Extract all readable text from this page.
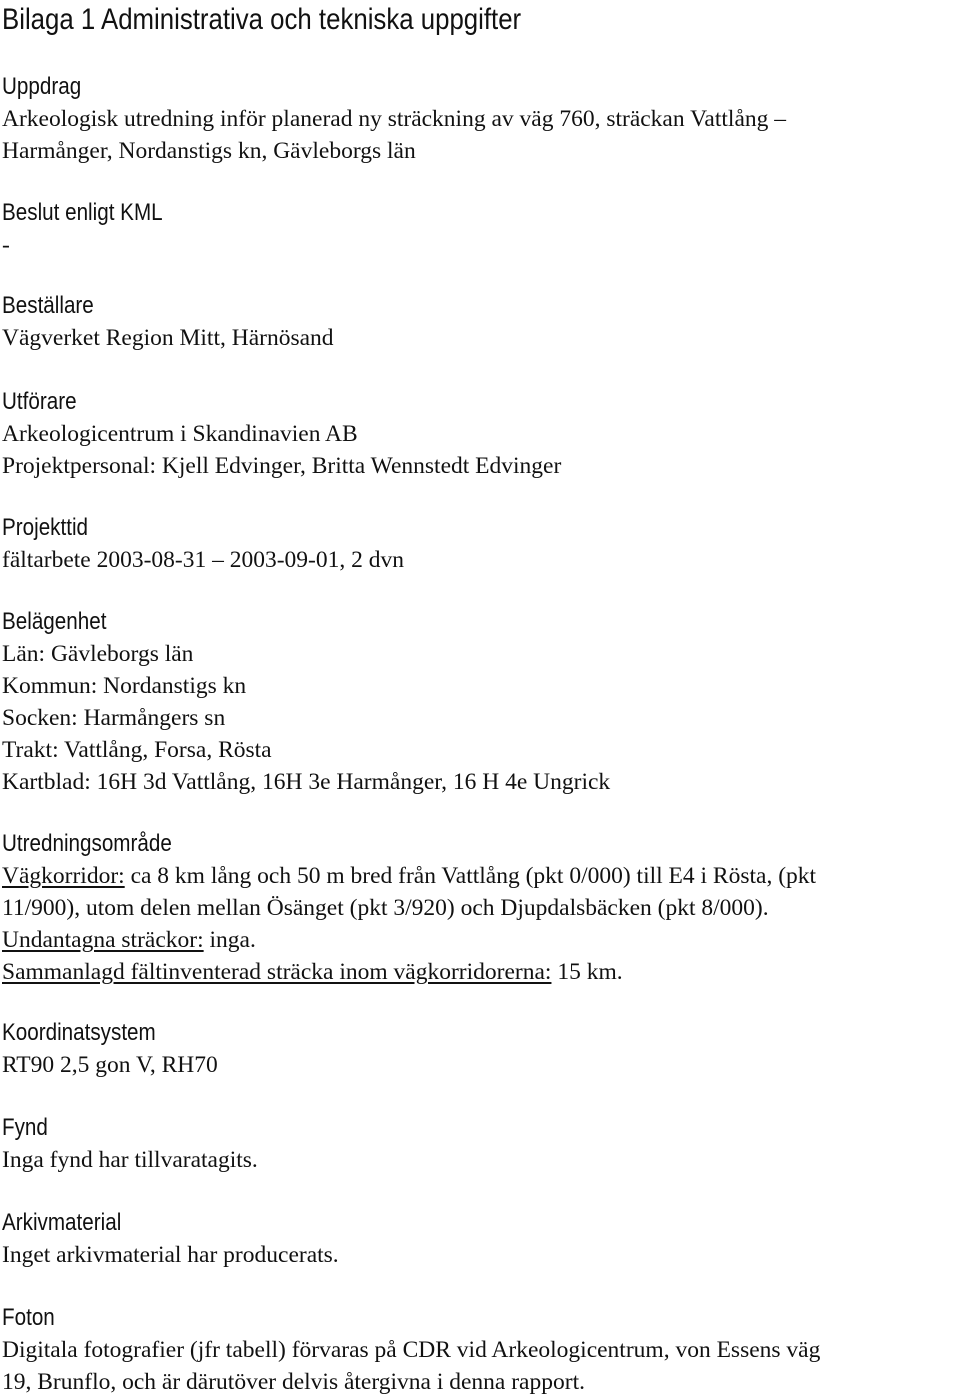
Bilaga 1 Administrativa och tekniska uppgifter
Uppdrag
Arkeologisk utredning inför planerad ny sträckning av väg 760, sträckan Vattlång –
Harmånger, Nordanstigs kn, Gävleborgs län
Beslut enligt KML
-
Beställare
Vägverket Region Mitt, Härnösand
Utförare
Arkeologicentrum i Skandinavien AB
Projektpersonal: Kjell Edvinger, Britta Wennstedt Edvinger
Projekttid
fältarbete 2003-08-31 – 2003-09-01, 2 dvn
Belägenhet
Län: Gävleborgs län
Kommun: Nordanstigs kn
Socken: Harmångers sn
Trakt: Vattlång, Forsa, Rösta
Kartblad: 16H 3d Vattlång, 16H 3e Harmånger, 16 H 4e Ungrick
Utredningsområde
Vägkorridor: ca 8 km lång och 50 m bred från Vattlång (pkt 0/000) till E4 i Rösta, (pkt
11/900), utom delen mellan Ösänget (pkt 3/920) och Djupdalsbäcken (pkt 8/000).
Undantagna sträckor: inga.
Sammanlagd fältinventerad sträcka inom vägkorridorerna: 15 km.
Koordinatsystem
RT90 2,5 gon V, RH70
Fynd
Inga fynd har tillvaratagits.
Arkivmaterial
Inget arkivmaterial har producerats.
Foton
Digitala fotografier (jfr tabell) förvaras på CDR vid Arkeologicentrum, von Essens väg
19, Brunflo, och är därutöver delvis återgivna i denna rapport.
